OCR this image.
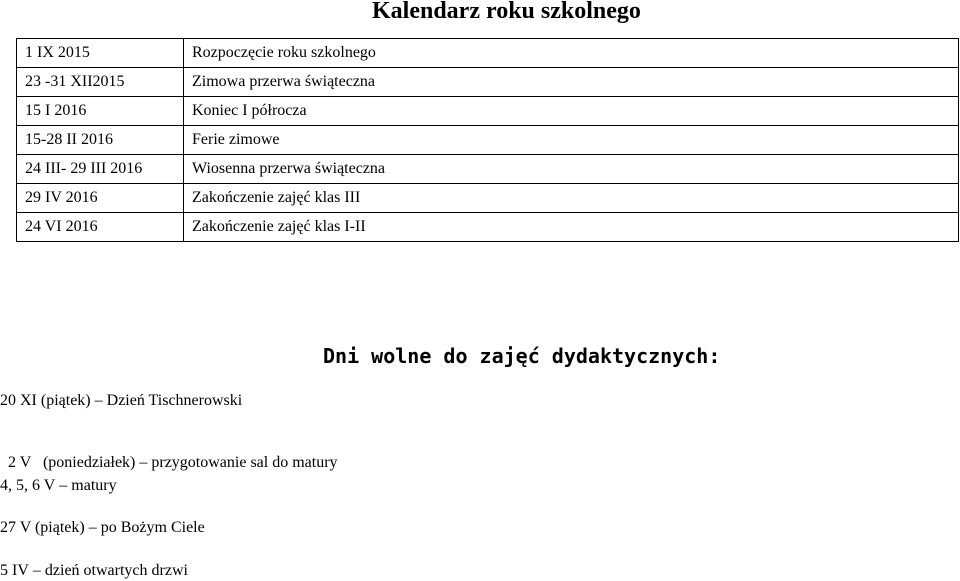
Kalendarz roku szkolnego
1 IX 2015	Rozpoczęcie roku szkolnego
23 -31 XII2015	Zimowa przerwa świąteczna
15 I 2016	Koniec I półrocza
15-28 II 2016	Ferie zimowe
24 III- 29 III 2016	Wiosenna przerwa świąteczna
29 IV 2016	Zakończenie zajęć klas III
24 VI 2016	Zakończenie zajęć klas I-II
Dni wolne do zajęć dydaktycznych:
20 XI (piątek) – Dzień Tischnerowski

2 V   (poniedziałek) – przygotowanie sal do matury

4, 5, 6 V – matury
27 V (piątek) – po Bożym Ciele
5 IV – dzień otwartych drzwi
